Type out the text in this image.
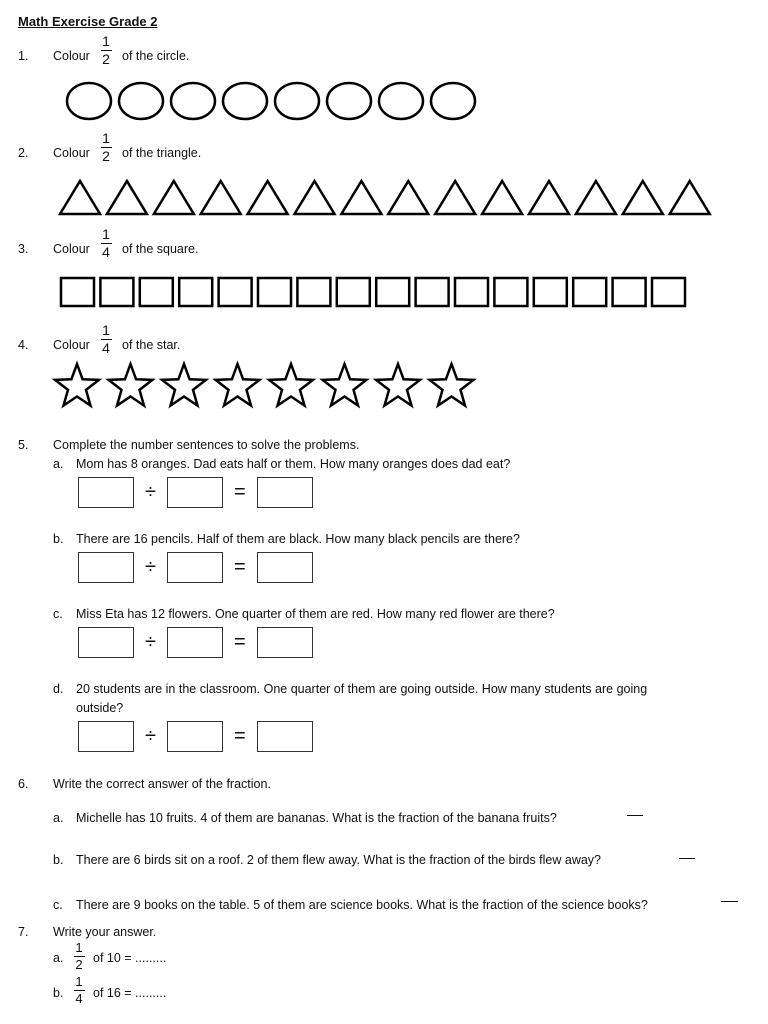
Math Exercise Grade 2
1. Colour
1
2 of the circle.
2. Colour
1
2 of the triangle.
3. Colour
1
4 of the square.
4. Colour
1
4 of the star.
5. Complete the number sentences to solve the problems.
a. Mom has 8 oranges. Dad eats half or them. How many oranges does dad eat?
÷	=
b. There are 16 pencils. Half of them are black. How many black pencils are there?
÷	=
c. Miss Eta has 12 flowers. One quarter of them are red. How many red flower are there?
÷	=
d. 20 students are in the classroom. One quarter of them are going outside. How many students are going
outside?
÷	=
6. Write the correct answer of the fraction.
a. Michelle has 10 fruits. 4 of them are bananas. What is the fraction of the banana fruits?
b. There are 6 birds sit on a roof. 2 of them flew away. What is the fraction of the birds flew away?
c. There are 9 books on the table. 5 of them are science books. What is the fraction of the science books?
7. Write your answer.
a.
1
2 of 10 = .........
b.
1
4 of 16 = .........
